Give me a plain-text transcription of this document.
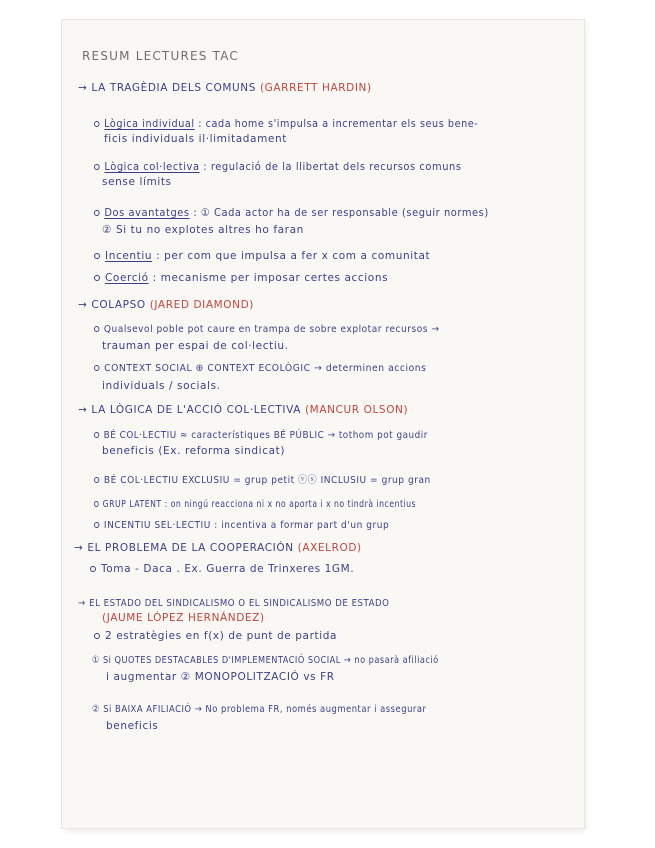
RESUM LECTURES TAC
→ LA TRAGÈDIA DELS COMUNS (GARRETT HARDIN)
Lògica individual : cada home s'impulsa a incrementar els seus bene-
ficis individuals il·limitadament
Lògica col·lectiva : regulació de la llibertat dels recursos comuns
sense límits
Dos avantatges : ① Cada actor ha de ser responsable (seguir normes)
② Si tu no explotes altres ho faran
Incentiu : per com que impulsa a fer x com a comunitat
Coerció : mecanisme per imposar certes accions
→ COLAPSO (JARED DIAMOND)
Qualsevol poble pot caure en trampa de sobre explotar recursos →
trauman per espai de col·lectiu.
CONTEXT SOCIAL ⊕ CONTEXT ECOLÒGIC → determinen accions
individuals / socials.
→ LA LÒGICA DE L'ACCIÓ COL·LECTIVA (MANCUR OLSON)
BÉ COL·LECTIU ≈ característiques BÉ PÚBLIC → tothom pot gaudir
beneficis (Ex. reforma sindicat)
BÉ COL·LECTIU EXCLUSIU = grup petit ⓥⓢ INCLUSIU = grup gran
GRUP LATENT : on ningú reacciona ni x no aporta i x no tindrà incentius
INCENTIU SEL·LECTIU : incentiva a formar part d'un grup
→ EL PROBLEMA DE LA COOPERACIÓN (AXELROD)
Toma - Daca . Ex. Guerra de Trinxeres 1GM.
→ EL ESTADO DEL SINDICALISMO O EL SINDICALISMO DE ESTADO
(JAUME LÓPEZ HERNÁNDEZ)
2 estratègies en f(x) de punt de partida
① Si QUOTES DESTACABLES D'IMPLEMENTACIÓ SOCIAL → no pasarà afiliació
i augmentar ② MONOPOLITZACIÓ vs FR
② Si BAIXA AFILIACIÓ → No problema FR, només augmentar i assegurar
beneficis
